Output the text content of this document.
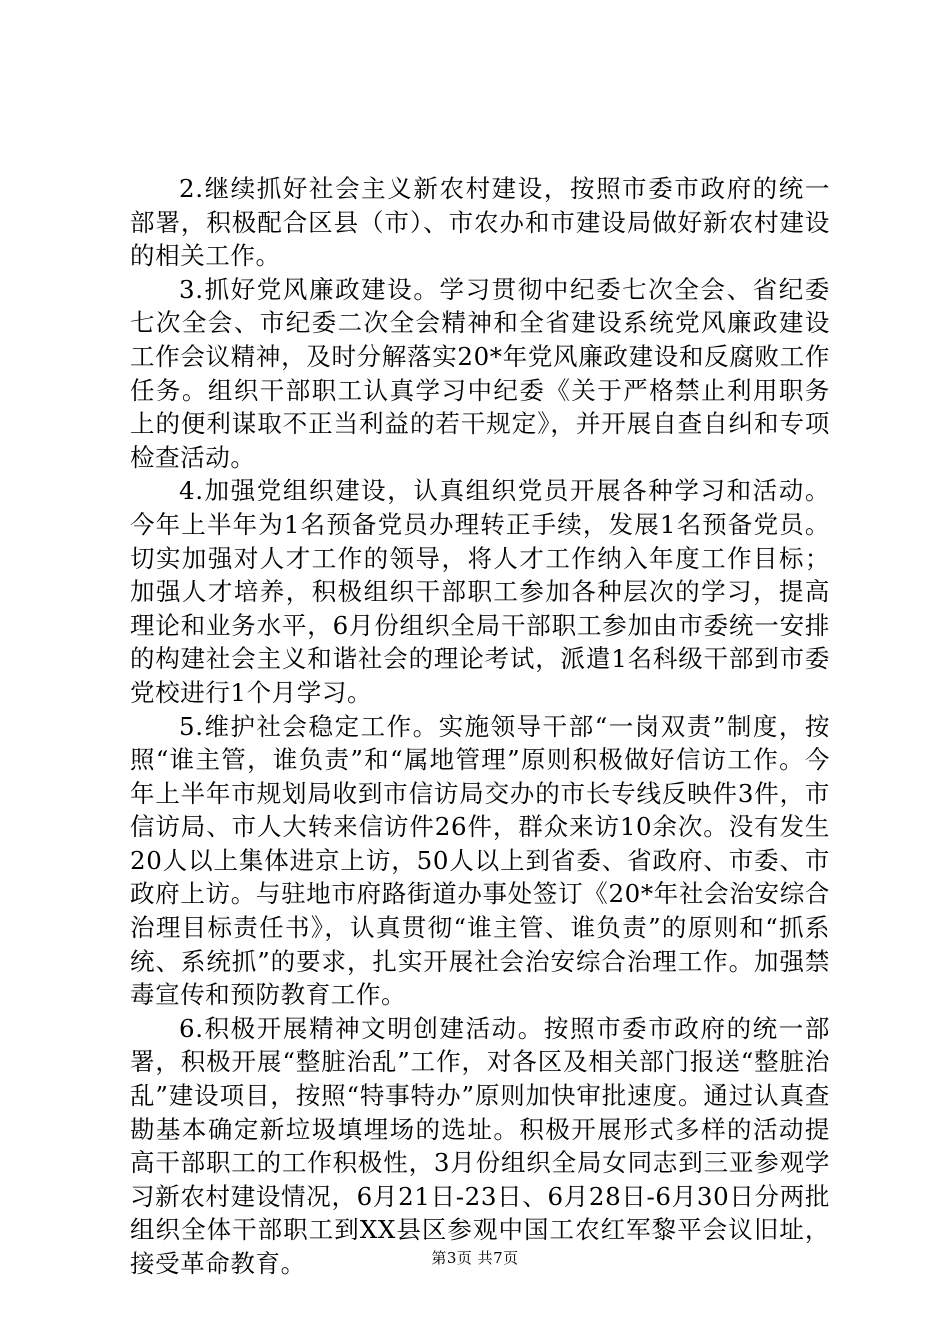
2.继续抓好社会主义新农村建设，按照市委市政府的统一部署，积极配合区县（市）、市农办和市建设局做好新农村建设的相关工作。

3.抓好党风廉政建设。学习贯彻中纪委七次全会、省纪委七次全会、市纪委二次全会精神和全省建设系统党风廉政建设工作会议精神，及时分解落实20*年党风廉政建设和反腐败工作任务。组织干部职工认真学习中纪委《关于严格禁止利用职务上的便利谋取不正当利益的若干规定》，并开展自查自纠和专项检查活动。

4.加强党组织建设，认真组织党员开展各种学习和活动。今年上半年为1名预备党员办理转正手续，发展1名预备党员。切实加强对人才工作的领导，将人才工作纳入年度工作目标；加强人才培养，积极组织干部职工参加各种层次的学习，提高理论和业务水平，6月份组织全局干部职工参加由市委统一安排的构建社会主义和谐社会的理论考试，派遣1名科级干部到市委党校进行1个月学习。

5.维护社会稳定工作。实施领导干部“一岗双责”制度，按照“谁主管，谁负责”和“属地管理”原则积极做好信访工作。今年上半年市规划局收到市信访局交办的市长专线反映件3件，市信访局、市人大转来信访件26件，群众来访10余次。没有发生20人以上集体进京上访，50人以上到省委、省政府、市委、市政府上访。与驻地市府路街道办事处签订《20*年社会治安综合治理目标责任书》，认真贯彻“谁主管、谁负责”的原则和“抓系统、系统抓”的要求，扎实开展社会治安综合治理工作。加强禁毒宣传和预防教育工作。

6.积极开展精神文明创建活动。按照市委市政府的统一部署，积极开展“整脏治乱”工作，对各区及相关部门报送“整脏治乱”建设项目，按照“特事特办”原则加快审批速度。通过认真查勘基本确定新垃圾填埋场的选址。积极开展形式多样的活动提高干部职工的工作积极性，3月份组织全局女同志到三亚参观学习新农村建设情况，6月21日-23日、6月28日-6月30日分两批组织全体干部职工到XX县区参观中国工农红军黎平会议旧址，接受革命教育。	第3页 共7页
